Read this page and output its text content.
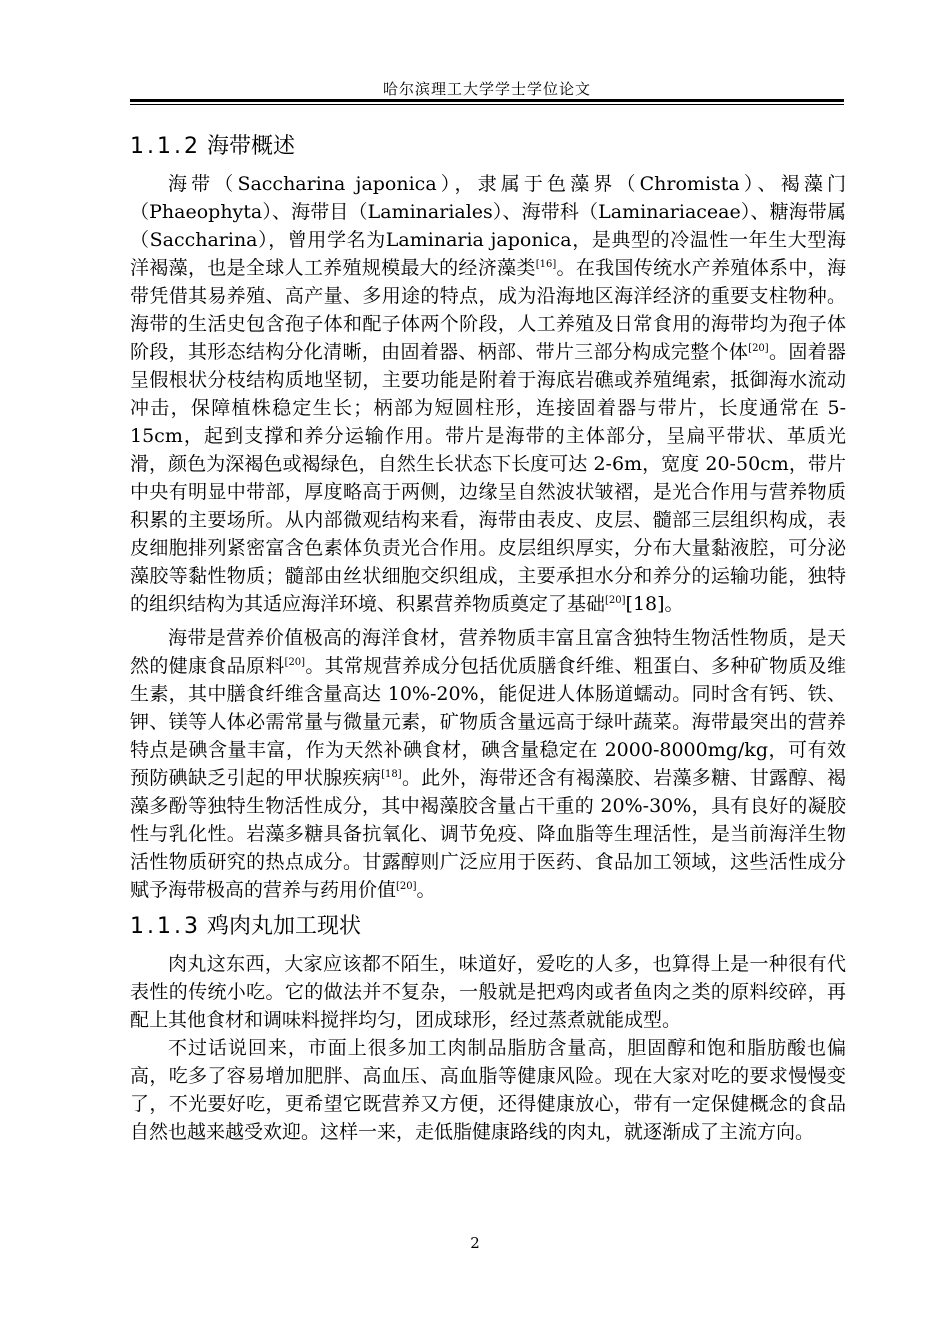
哈尔滨理工大学学士学位论文
1.1.2 海带概述

海带（Saccharina japonica），隶属于色藻界（Chromista）、褐藻门（Phaeophyta）、海带目（Laminariales）、海带科（Laminariaceae）、糖海带属（Saccharina），曾用学名为Laminaria japonica，是典型的冷温性一年生大型海洋褐藻，也是全球人工养殖规模最大的经济藻类[16]。在我国传统水产养殖体系中，海带凭借其易养殖、高产量、多用途的特点，成为沿海地区海洋经济的重要支柱物种。海带的生活史包含孢子体和配子体两个阶段，人工养殖及日常食用的海带均为孢子体阶段，其形态结构分化清晰，由固着器、柄部、带片三部分构成完整个体[20]。固着器呈假根状分枝结构质地坚韧，主要功能是附着于海底岩礁或养殖绳索，抵御海水流动冲击，保障植株稳定生长；柄部为短圆柱形，连接固着器与带片，长度通常在 5-15cm，起到支撑和养分运输作用。带片是海带的主体部分，呈扁平带状、革质光滑，颜色为深褐色或褐绿色，自然生长状态下长度可达 2-6m，宽度 20-50cm，带片中央有明显中带部，厚度略高于两侧，边缘呈自然波状皱褶，是光合作用与营养物质积累的主要场所。从内部微观结构来看，海带由表皮、皮层、髓部三层组织构成，表皮细胞排列紧密富含色素体负责光合作用。皮层组织厚实，分布大量黏液腔，可分泌藻胶等黏性物质；髓部由丝状细胞交织组成，主要承担水分和养分的运输功能，独特的组织结构为其适应海洋环境、积累营养物质奠定了基础[20][18]。

海带是营养价值极高的海洋食材，营养物质丰富且富含独特生物活性物质，是天然的健康食品原料[20]。其常规营养成分包括优质膳食纤维、粗蛋白、多种矿物质及维生素，其中膳食纤维含量高达 10%-20%，能促进人体肠道蠕动。同时含有钙、铁、钾、镁等人体必需常量与微量元素，矿物质含量远高于绿叶蔬菜。海带最突出的营养特点是碘含量丰富，作为天然补碘食材，碘含量稳定在 2000-8000mg/kg，可有效预防碘缺乏引起的甲状腺疾病[18]。此外，海带还含有褐藻胶、岩藻多糖、甘露醇、褐藻多酚等独特生物活性成分，其中褐藻胶含量占干重的 20%-30%，具有良好的凝胶性与乳化性。岩藻多糖具备抗氧化、调节免疫、降血脂等生理活性，是当前海洋生物活性物质研究的热点成分。甘露醇则广泛应用于医药、食品加工领域，这些活性成分赋予海带极高的营养与药用价值[20]。

1.1.3 鸡肉丸加工现状

肉丸这东西，大家应该都不陌生，味道好，爱吃的人多，也算得上是一种很有代表性的传统小吃。它的做法并不复杂，一般就是把鸡肉或者鱼肉之类的原料绞碎，再配上其他食材和调味料搅拌均匀，团成球形，经过蒸煮就能成型。

不过话说回来，市面上很多加工肉制品脂肪含量高，胆固醇和饱和脂肪酸也偏高，吃多了容易增加肥胖、高血压、高血脂等健康风险。现在大家对吃的要求慢慢变了，不光要好吃，更希望它既营养又方便，还得健康放心，带有一定保健概念的食品自然也越来越受欢迎。这样一来，走低脂健康路线的肉丸，就逐渐成了主流方向。

2
